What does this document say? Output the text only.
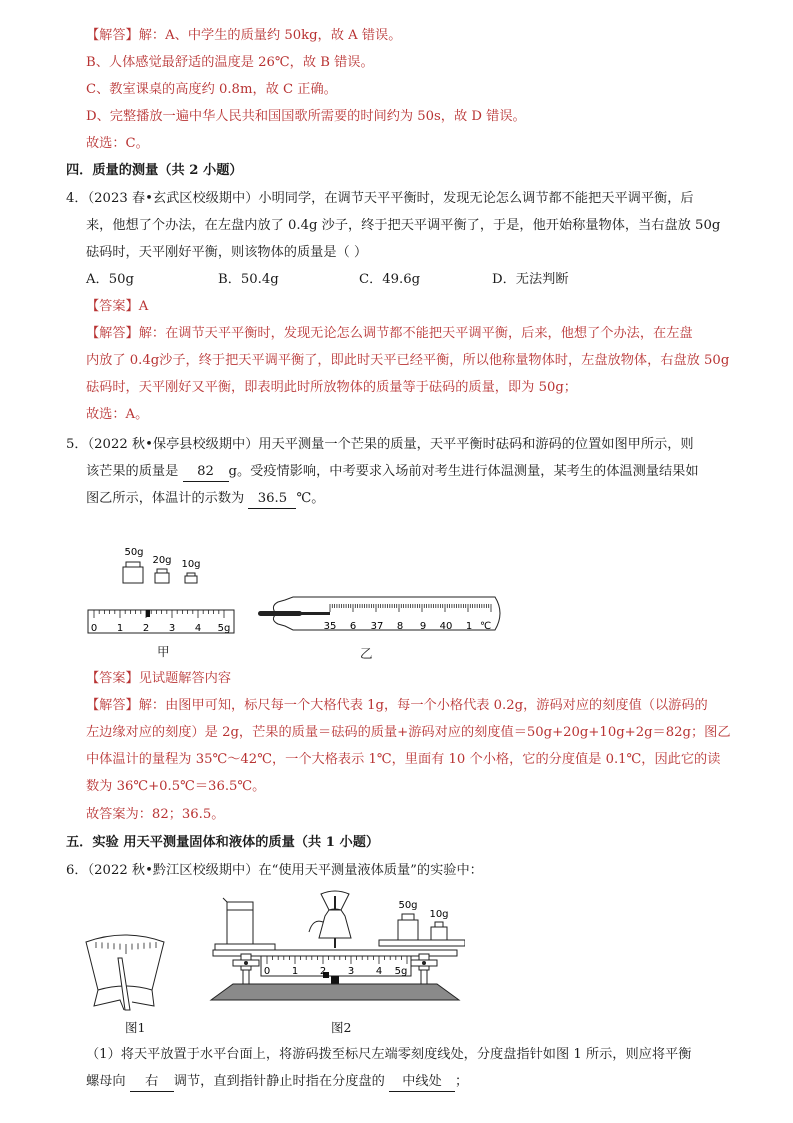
【解答】解：A、中学生的质量约 50kg，故 A 错误。
B、人体感觉最舒适的温度是 26℃，故 B 错误。
C、教室课桌的高度约 0.8m，故 C 正确。
D、完整播放一遍中华人民共和国国歌所需要的时间约为 50s，故 D 错误。
故选：C。
四．质量的测量（共 2 小题）
4．（2023 春•玄武区校级期中）小明同学，在调节天平平衡时，发现无论怎么调节都不能把天平调平衡，后
来，他想了个办法，在左盘内放了 0.4g 沙子，终于把天平调平衡了，于是，他开始称量物体，当右盘放 50g
砝码时，天平刚好平衡，则该物体的质量是（ ）
A．50g	B．50.4g	C．49.6g	D．无法判断
【答案】A
【解答】解：在调节天平平衡时，发现无论怎么调节都不能把天平调平衡，后来，他想了个办法，在左盘
内放了 0.4g沙子，终于把天平调平衡了，即此时天平已经平衡，所以他称量物体时，左盘放物体，右盘放 50g
砝码时，天平刚好又平衡，即表明此时所放物体的质量等于砝码的质量，即为 50g；
故选：A。
5．（2022 秋•保亭县校级期中）用天平测量一个芒果的质量，天平平衡时砝码和游码的位置如图甲所示，则
该芒果的质量是 82 g。受疫情影响，中考要求入场前对考生进行体温测量，某考生的体温测量结果如
图乙所示，体温计的示数为 36.5 ℃。
50g
20g 10g
0 1 2 3 4 5g	35 6 37 8 9 40 1 ℃
甲	乙
【答案】见试题解答内容
【解答】解：由图甲可知，标尺每一个大格代表 1g，每一个小格代表 0.2g，游码对应的刻度值（以游码的
左边缘对应的刻度）是 2g，芒果的质量＝砝码的质量+游码对应的刻度值＝50g+20g+10g+2g＝82g；图乙
中体温计的量程为 35℃～42℃，一个大格表示 1℃，里面有 10 个小格，它的分度值是 0.1℃，因此它的读
数为 36℃+0.5℃＝36.5℃。
故答案为：82；36.5。
五．实验 用天平测量固体和液体的质量（共 1 小题）
6．（2022 秋•黔江区校级期中）在“使用天平测量液体质量”的实验中：
图1
50g
10g
0 1 2 3 4 5g
图2
（1）将天平放置于水平台面上，将游码拨至标尺左端零刻度线处，分度盘指针如图 1 所示，则应将平衡
螺母向 右 调节，直到指针静止时指在分度盘的 中线处 ；
